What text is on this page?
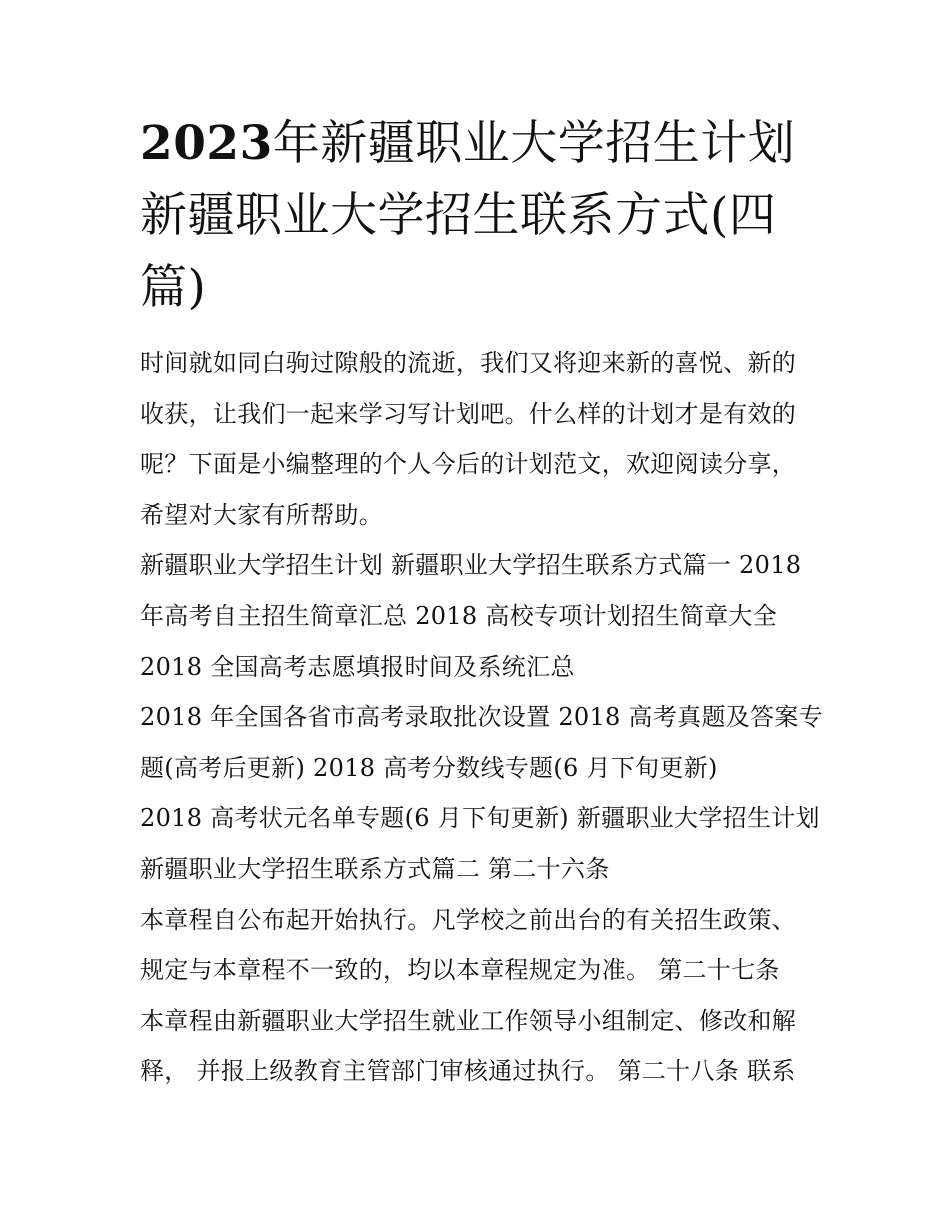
2023年新疆职业大学招生计划
新疆职业大学招生联系方式(四
篇)
时间就如同白驹过隙般的流逝，我们又将迎来新的喜悦、新的
收获，让我们一起来学习写计划吧。什么样的计划才是有效的
呢？下面是小编整理的个人今后的计划范文，欢迎阅读分享，
希望对大家有所帮助。
新疆职业大学招生计划 新疆职业大学招生联系方式篇一 2018
年高考自主招生简章汇总 2018 高校专项计划招生简章大全
2018 全国高考志愿填报时间及系统汇总
2018 年全国各省市高考录取批次设置 2018 高考真题及答案专
题(高考后更新) 2018 高考分数线专题(6 月下旬更新)
2018 高考状元名单专题(6 月下旬更新) 新疆职业大学招生计划
新疆职业大学招生联系方式篇二 第二十六条
本章程自公布起开始执行。凡学校之前出台的有关招生政策、
规定与本章程不一致的，均以本章程规定为准。 第二十七条
本章程由新疆职业大学招生就业工作领导小组制定、修改和解
释， 并报上级教育主管部门审核通过执行。 第二十八条 联系
